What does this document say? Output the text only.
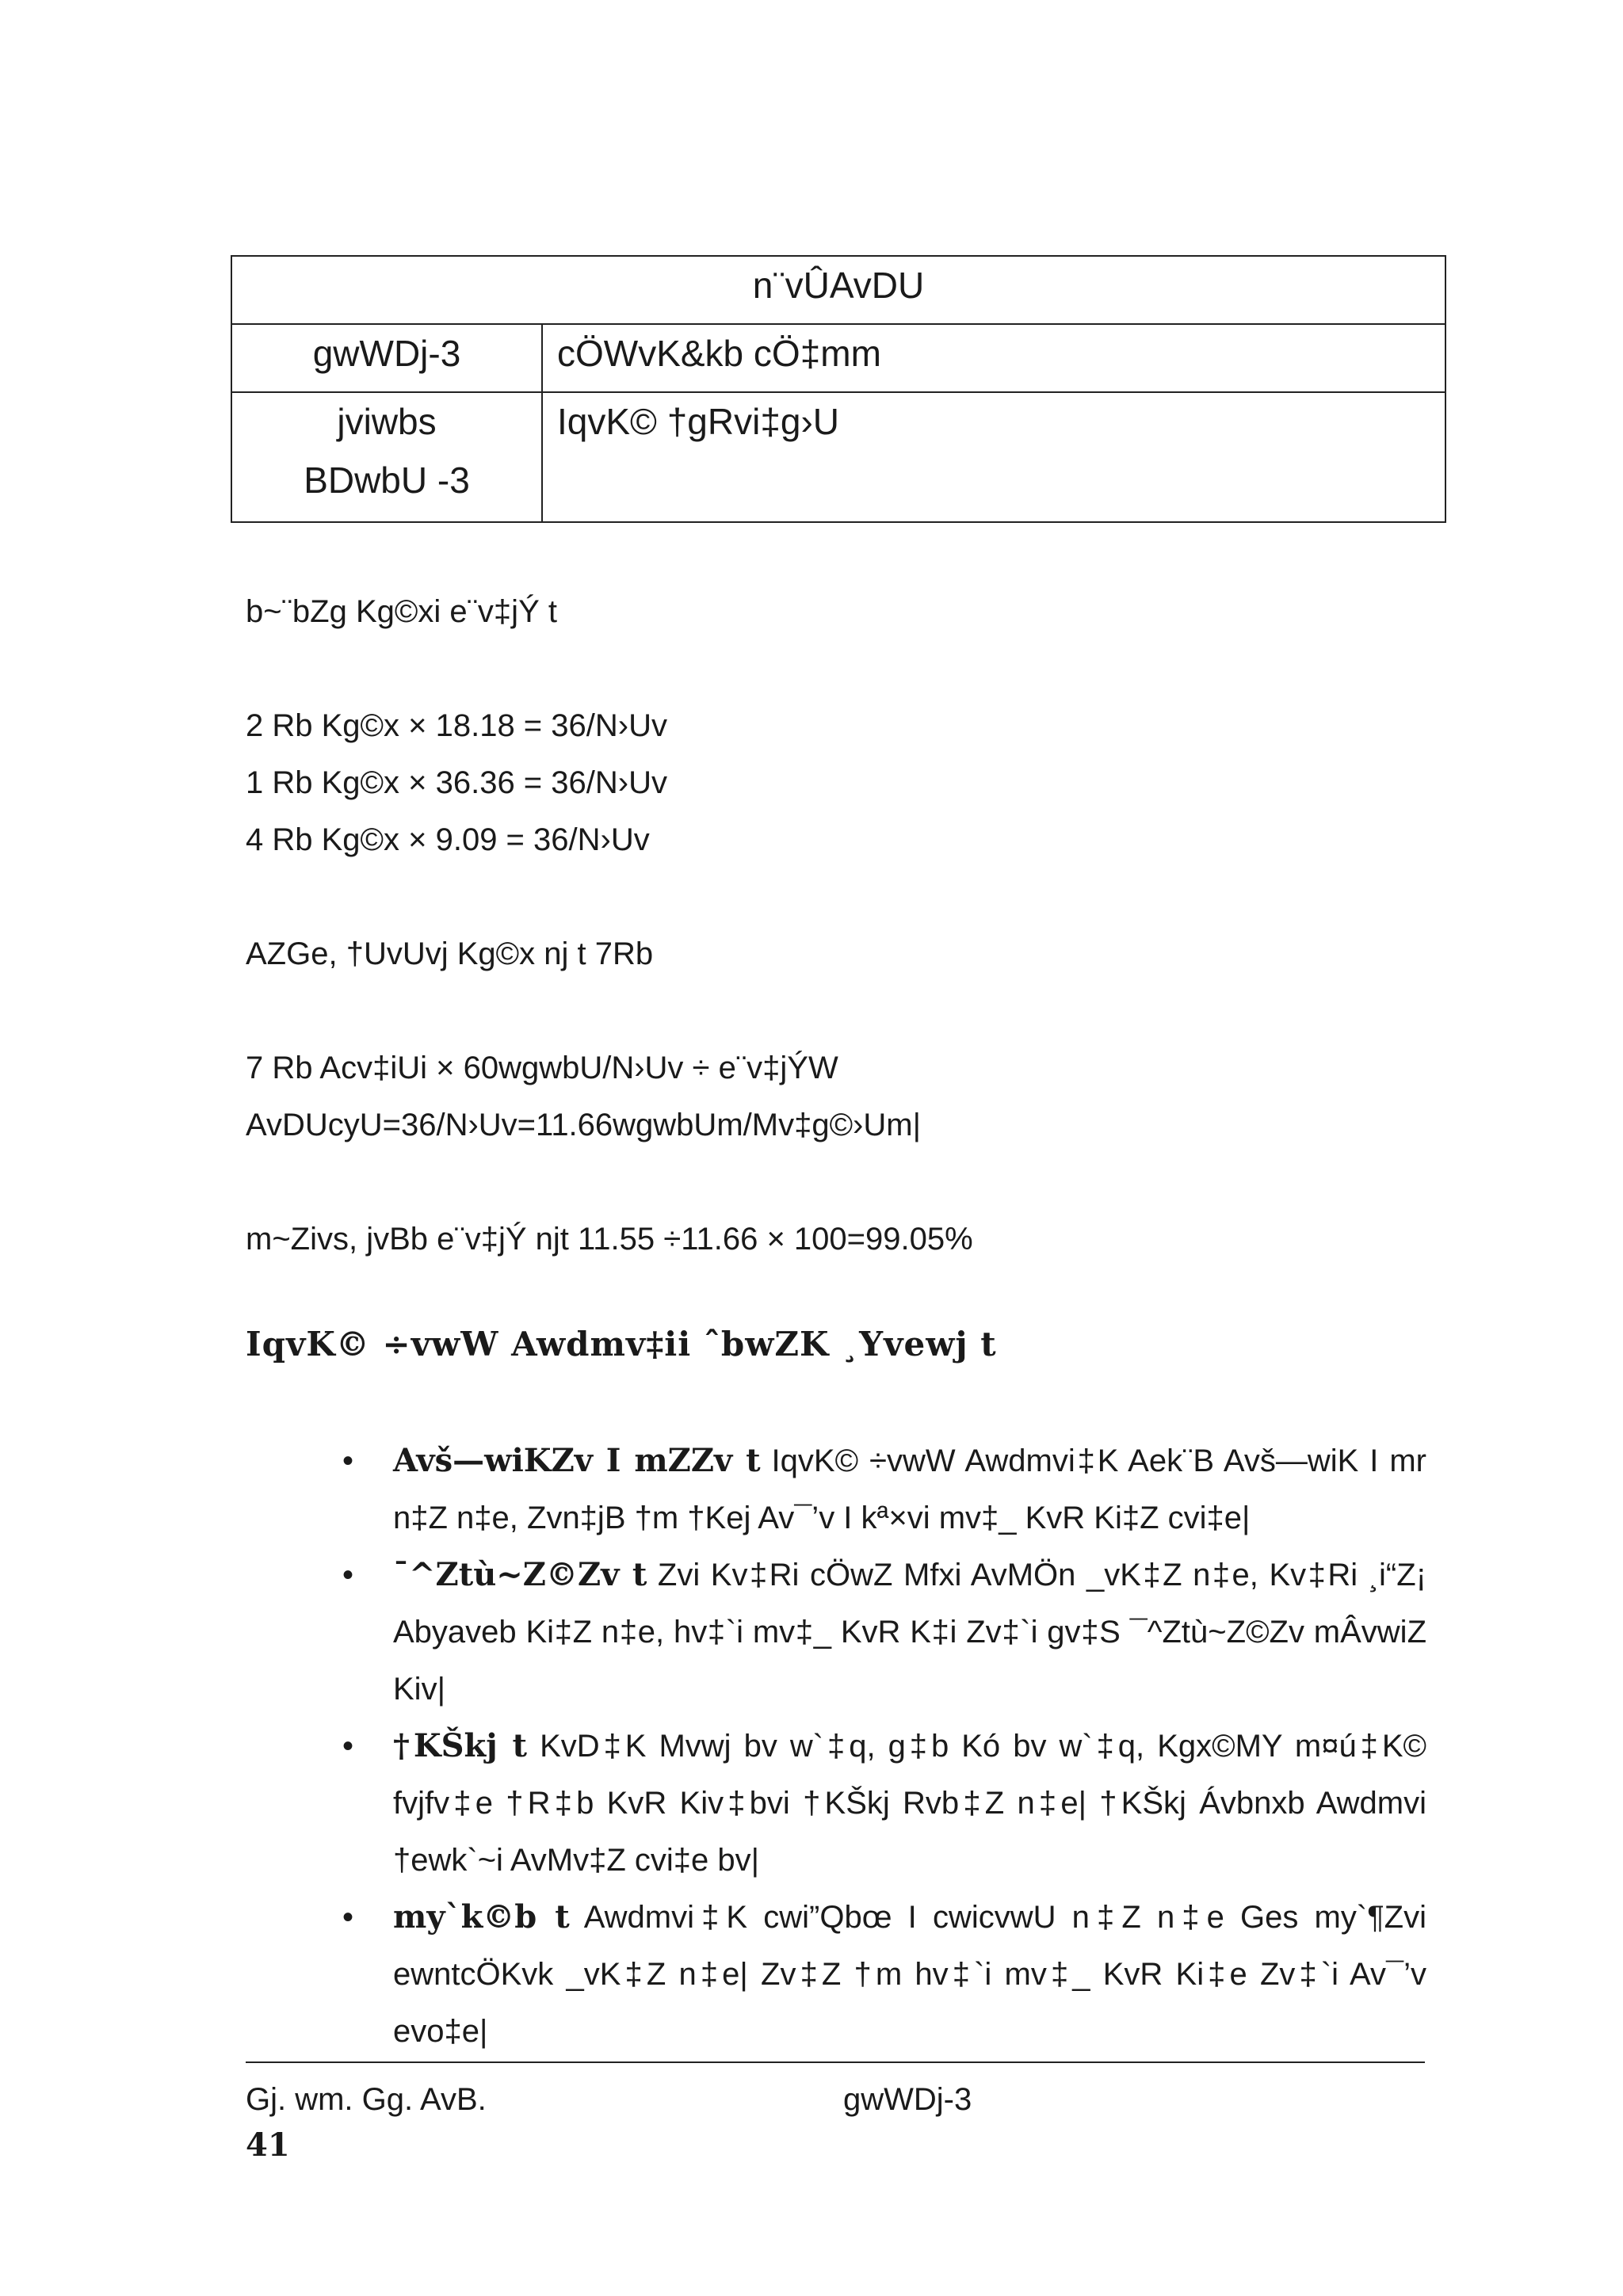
n¨vÛAvDU	
gwWDj-3	cÖWvK&kb cÖ‡mm

jviwbs
BDwbU -3	IqvK© †gRvi‡g›U
b~¨bZg Kg©xi e¨v‡jÝ t
2 Rb Kg©x × 18.18 = 36/N›Uv
1 Rb Kg©x × 36.36 = 36/N›Uv
4 Rb Kg©x × 9.09 = 36/N›Uv
AZGe, †UvUvj Kg©x nj t 7Rb
7 Rb Acv‡iUi × 60wgwbU/N›Uv ÷ e¨v‡jÝW
AvDUcyU=36/N›Uv=11.66wgwbUm/Mv‡g©›Um|
m~Zivs, jvBb e¨v‡jÝ njt 11.55 ÷11.66 × 100=99.05%
IqvK© ÷vwW Awdmv‡ii ˆbwZK ¸Yvewj t
• Avš—wiKZv I mZZv t IqvK© ÷vwW Awdmvi‡K Aek¨B Avš—wiK I mr n‡Z n‡e, Zvn‡jB †m †Kej Av¯’v I kª×vi mv‡_ KvR Ki‡Z cvi‡e|
• ¯^Ztù~Z©Zv t Zvi Kv‡Ri cÖwZ Mfxi AvMÖn _vK‡Z n‡e, Kv‡Ri ¸i“Z¡ Abyaveb Ki‡Z n‡e, hv‡`i mv‡_ KvR K‡i Zv‡`i gv‡S ¯^Ztù~Z©Zv mÂvwiZ Kiv|
• †KŠkj t KvD‡K Mvwj bv w`‡q, g‡b Kó bv w`‡q, Kgx©MY m¤ú‡K© fvjfv‡e †R‡b KvR Kiv‡bvi †KŠkj Rvb‡Z n‡e| †KŠkj Ávbnxb Awdmvi †ewk`~i AvMv‡Z cvi‡e bv|
• my`k©b t Awdmvi‡K cwi”Qbœ I cwicvwU n‡Z n‡e Ges my`¶Zvi ewntcÖKvk _vK‡Z n‡e| Zv‡Z †m hv‡`i mv‡_ KvR Ki‡e Zv‡`i Av¯’v evo‡e|
Gj. wm. Gg. AvB.	gwWDj-3
41
